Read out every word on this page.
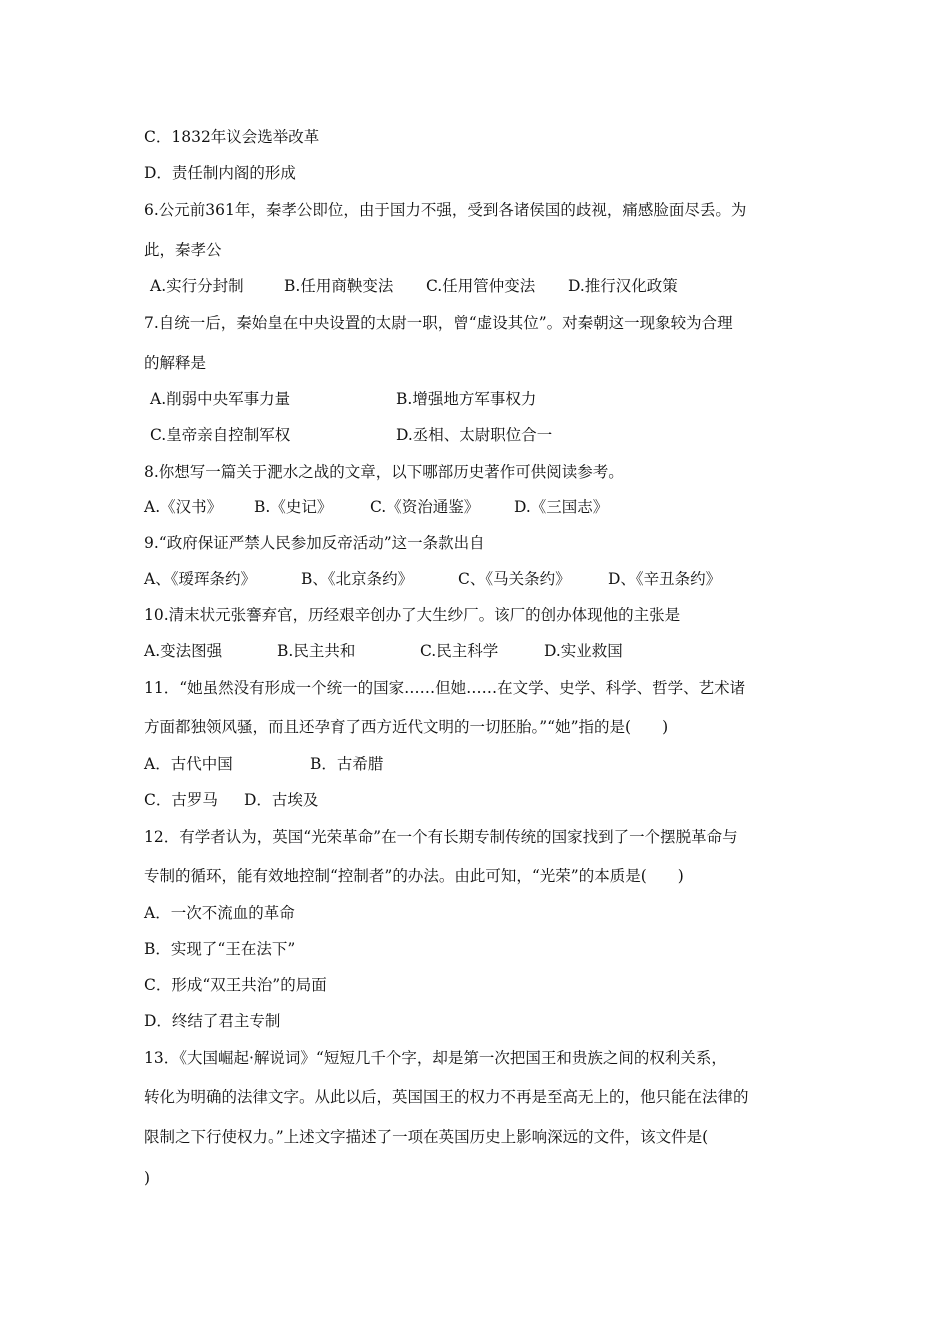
C．1832年议会选举改革
D．责任制内阁的形成
6.公元前361年，秦孝公即位，由于国力不强，受到各诸侯国的歧视，痛感脸面尽丢。为
此，秦孝公
A.实行分封制	B.任用商鞅变法 C.任用管仲变法 D.推行汉化政策
7.自统一后，秦始皇在中央设置的太尉一职，曾“虚设其位”。对秦朝这一现象较为合理
的解释是
A.削弱中央军事力量	B.增强地方军事权力
C.皇帝亲自控制军权	D.丞相、太尉职位合一
8.你想写一篇关于淝水之战的文章，以下哪部历史著作可供阅读参考。
A.《汉书》 B.《史记》 C.《资治通鉴》 D.《三国志》
9.“政府保证严禁人民参加反帝活动”这一条款出自
A、《瑷珲条约》	B、《北京条约》	C、《马关条约》 D、《辛丑条约》
10.清末状元张謇弃官，历经艰辛创办了大生纱厂。该厂的创办体现他的主张是
A.变法图强	B.民主共和	C.民主科学	D.实业救国
11．“她虽然没有形成一个统一的国家……但她……在文学、史学、科学、哲学、艺术诸
方面都独领风骚，而且还孕育了西方近代文明的一切胚胎。”“她”指的是(　　)
A．古代中国	B．古希腊
C．古罗马 D．古埃及
12．有学者认为，英国“光荣革命”在一个有长期专制传统的国家找到了一个摆脱革命与
专制的循环，能有效地控制“控制者”的办法。由此可知，“光荣”的本质是(　　)
A．一次不流血的革命
B．实现了“王在法下”
C．形成“双王共治”的局面
D．终结了君主专制
13．《大国崛起·解说词》“短短几千个字，却是第一次把国王和贵族之间的权利关系，
转化为明确的法律文字。从此以后，英国国王的权力不再是至高无上的，他只能在法律的
限制之下行使权力。”上述文字描述了一项在英国历史上影响深远的文件，该文件是(
)
